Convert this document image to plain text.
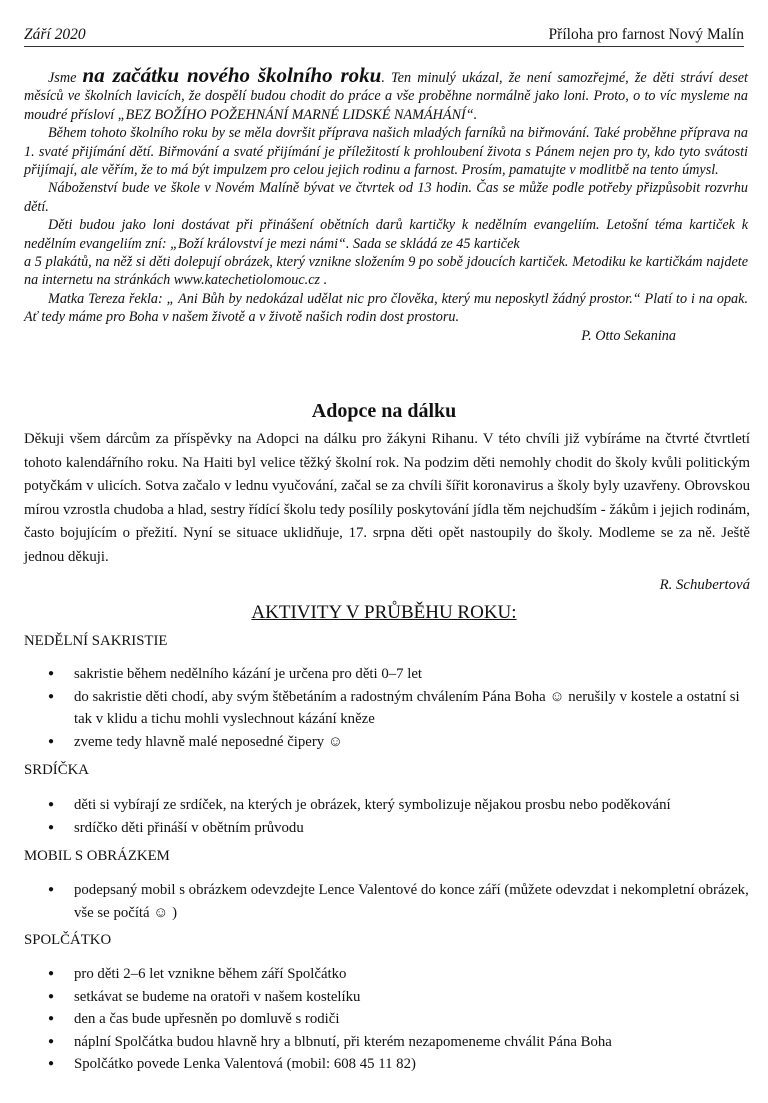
Září 2020	Příloha pro farnost Nový Malín

Jsme na začátku nového školního roku. Ten minulý ukázal, že není samozřejmé, že děti stráví deset měsíců ve školních lavicích, že dospělí budou chodit do práce a vše proběhne normálně jako loni. Proto, o to víc mysleme na moudré přísloví „BEZ BOŽÍHO POŽEHNÁNÍ MARNÉ LIDSKÉ NAMÁHÁNÍ“.

Během tohoto školního roku by se měla dovršit příprava našich mladých farníků na biřmování. Také proběhne příprava na 1. svaté přijímání dětí. Biřmování a svaté přijímání je příležitostí k prohloubení života s Pánem nejen pro ty, kdo tyto svátosti přijímají, ale věřím, že to má být impulzem pro celou jejich rodinu a farnost. Prosím, pamatujte v modlitbě na tento úmysl.

Náboženství bude ve škole v Novém Malíně bývat ve čtvrtek od 13 hodin. Čas se může podle potřeby přizpůsobit rozvrhu dětí.

Děti budou jako loni dostávat při přinášení obětních darů kartičky k nedělním evangeliím. Letošní téma kartiček k nedělním evangeliím zní: „Boží království je mezi námi“. Sada se skládá ze 45 kartiček
a 5 plakátů, na něž si děti dolepují obrázek, který vznikne složením 9 po sobě jdoucích kartiček. Metodiku ke kartičkám najdete na internetu na stránkách www.katechetiolomouc.cz .

Matka Tereza řekla: „ Ani Bůh by nedokázal udělat nic pro člověka, který mu neposkytl žádný prostor.“ Platí to i na opak. Ať tedy máme pro Boha v našem životě a v životě našich rodin dost prostoru.

P. Otto Sekanina

Adopce na dálku

Děkuji všem dárcům za příspěvky na Adopci na dálku pro žákyni Rihanu. V této chvíli již vybíráme na čtvrté čtvrtletí tohoto kalendářního roku. Na Haiti byl velice těžký školní rok. Na podzim děti nemohly chodit do školy kvůli politickým potyčkám v ulicích. Sotva začalo v lednu vyučování, začal se za chvíli šířit koronavirus a školy byly uzavřeny. Obrovskou mírou vzrostla chudoba a hlad, sestry řídící školu tedy posílily poskytování jídla těm nejchudším - žákům i jejich rodinám, často bojujícím o přežití. Nyní se situace uklidňuje, 17. srpna děti opět nastoupily do školy. Modleme se za ně. Ještě jednou děkuji.

R. Schubertová
AKTIVITY V PRŮBĚHU ROKU:
NEDĚLNÍ SAKRISTIE
● sakristie během nedělního kázání je určena pro děti 0–7 let
● do sakristie děti chodí, aby svým štěbetáním a radostným chválením Pána Boha ☺ nerušily v kostele a ostatní si tak v klidu a tichu mohli vyslechnout kázání kněze
● zveme tedy hlavně malé neposedné čipery ☺
SRDÍČKA
● děti si vybírají ze srdíček, na kterých je obrázek, který symbolizuje nějakou prosbu nebo poděkování
● srdíčko děti přináší v obětním průvodu
MOBIL S OBRÁZKEM
● podepsaný mobil s obrázkem odevzdejte Lence Valentové do konce září (můžete odevzdat i nekompletní obrázek, vše se počítá ☺ )
SPOLČÁTKO
● pro děti 2–6 let vznikne během září Spolčátko
● setkávat se budeme na oratoři v našem kostelíku
● den a čas bude upřesněn po domluvě s rodiči
● náplní Spolčátka budou hlavně hry a blbnutí, při kterém nezapomeneme chválit Pána Boha
● Spolčátko povede Lenka Valentová (mobil: 608 45 11 82)
